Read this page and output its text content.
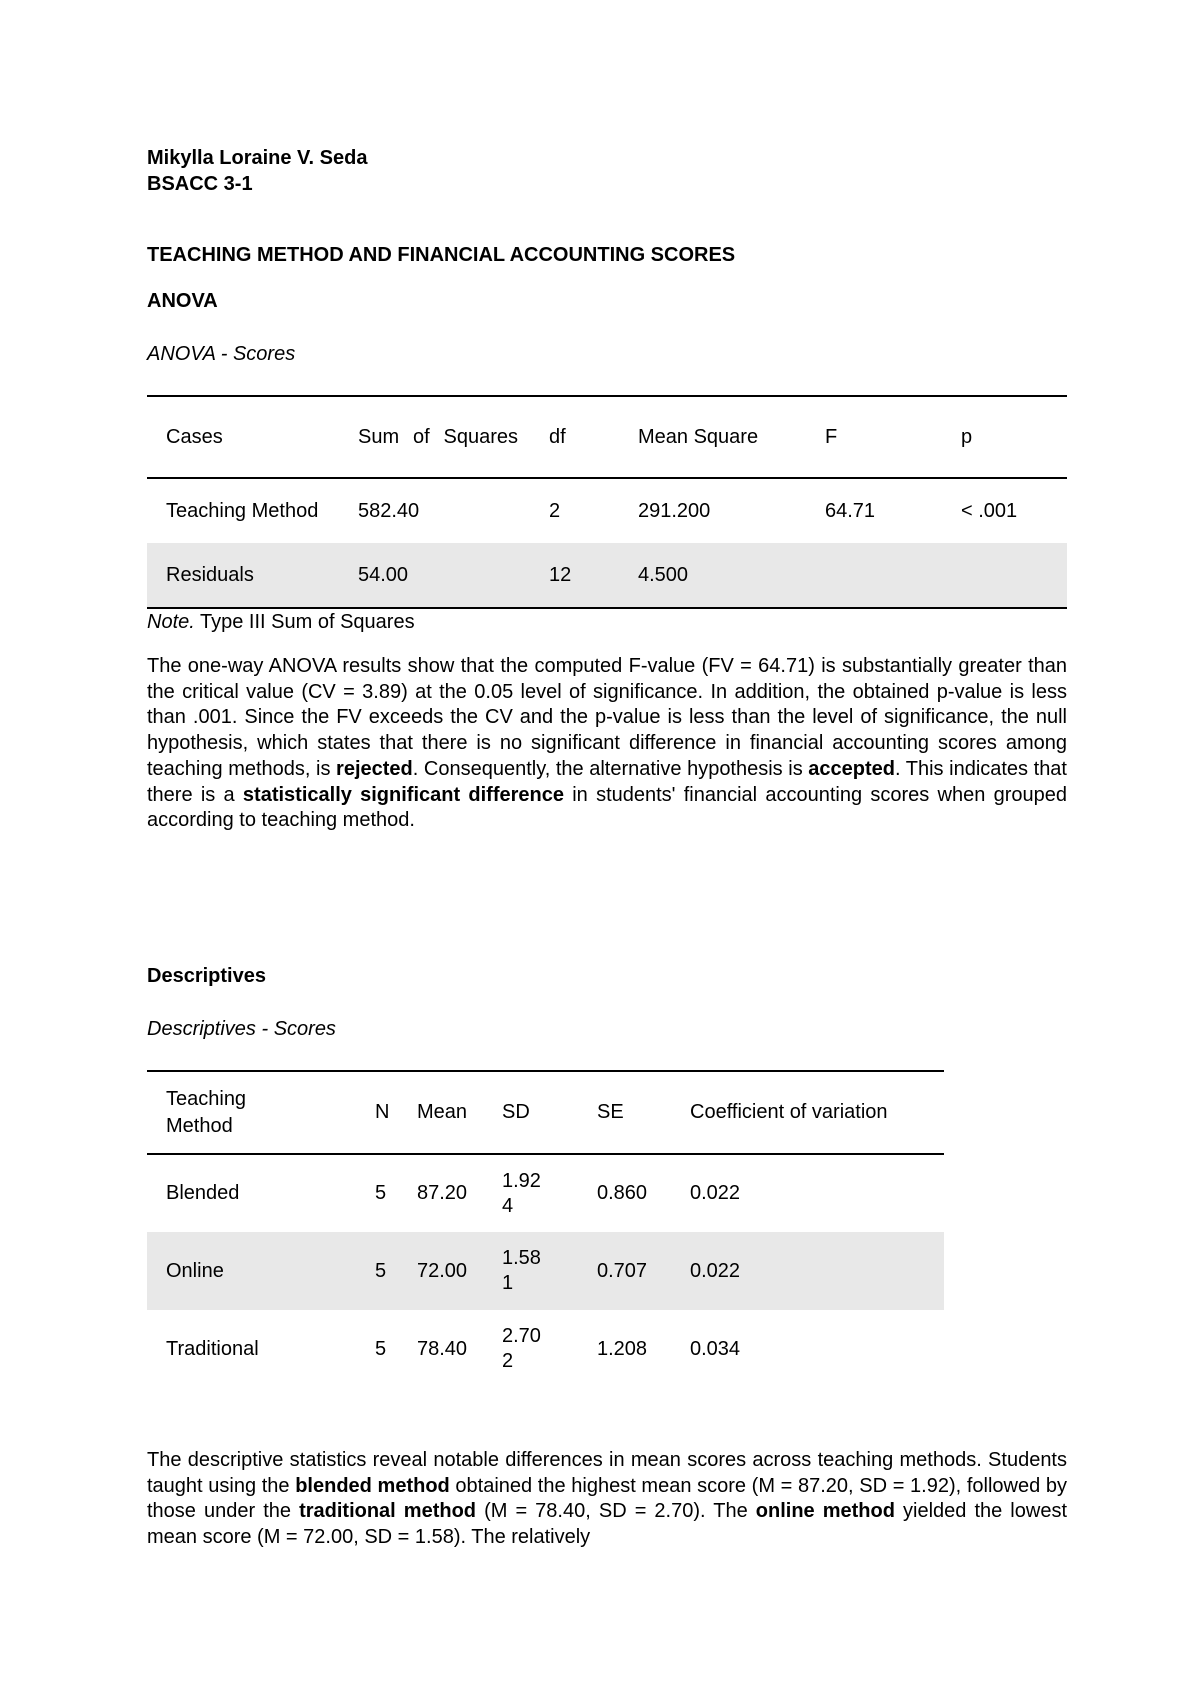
Mikylla Loraine V. Seda
BSACC 3-1
TEACHING METHOD AND FINANCIAL ACCOUNTING SCORES
ANOVA
ANOVA - Scores
Cases	Sum of Squares	df	Mean Square	F	p
Teaching Method	582.40	2	291.200	64.71	< .001
Residuals	54.00	12	4.500		
Note. Type III Sum of Squares
The one-way ANOVA results show that the computed F-value (FV = 64.71) is substantially greater than the critical value (CV = 3.89) at the 0.05 level of significance. In addition, the obtained p-value is less than .001. Since the FV exceeds the CV and the p-value is less than the level of significance, the null hypothesis, which states that there is no significant difference in financial accounting scores among teaching methods, is rejected. Consequently, the alternative hypothesis is accepted. This indicates that there is a statistically significant difference in students' financial accounting scores when grouped according to teaching method.
Descriptives
Descriptives - Scores
Teaching Method	N	Mean	SD	SE	Coefficient of variation
Blended	5	87.20	1.924	0.860	0.022
Online	5	72.00	1.581	0.707	0.022
Traditional	5	78.40	2.702	1.208	0.034
The descriptive statistics reveal notable differences in mean scores across teaching methods. Students taught using the blended method obtained the highest mean score (M = 87.20, SD = 1.92), followed by those under the traditional method (M = 78.40, SD = 2.70). The online method yielded the lowest mean score (M = 72.00, SD = 1.58). The relatively
